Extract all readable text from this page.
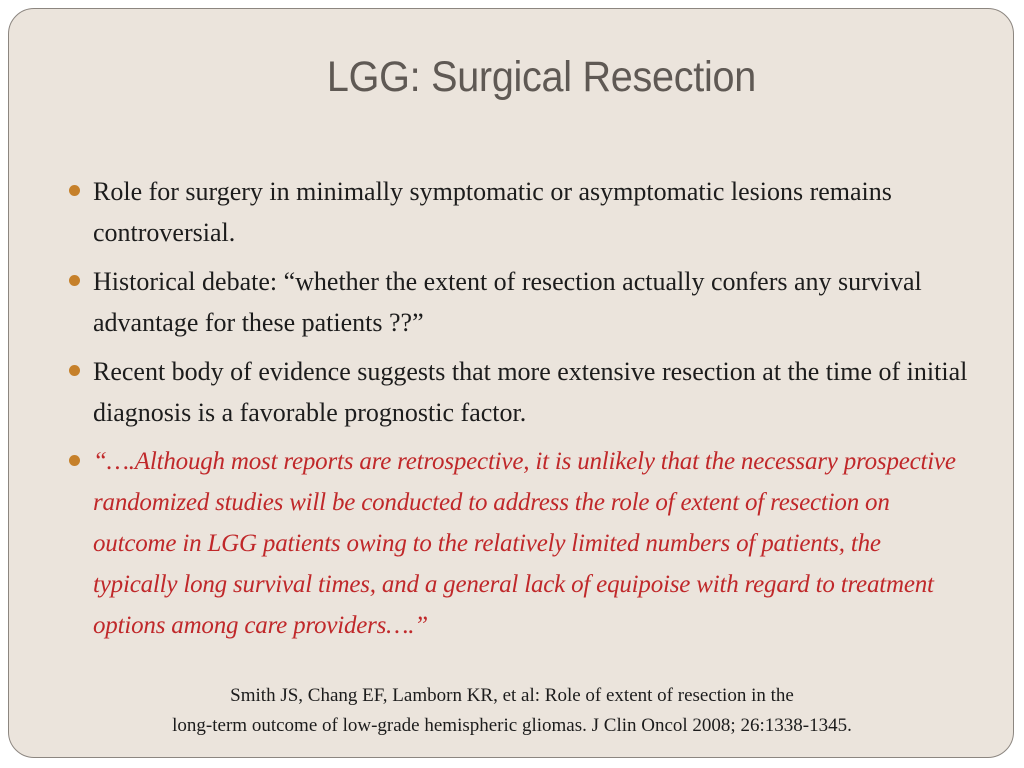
LGG: Surgical Resection
Role for surgery in minimally symptomatic or asymptomatic lesions remains controversial.
Historical debate: “whether the extent of resection actually confers any survival advantage for these patients ??”
Recent body of evidence suggests that more extensive resection at the time of initial diagnosis is a favorable prognostic factor.
“….Although most reports are retrospective, it is unlikely that the necessary prospective randomized studies will be conducted to address the role of extent of resection on outcome in LGG patients owing to the relatively limited numbers of patients, the typically long survival times, and a general lack of equipoise with regard to treatment options among care providers….”
Smith JS, Chang EF, Lamborn KR, et al: Role of extent of resection in the
long-term outcome of low-grade hemispheric gliomas. J Clin Oncol 2008; 26:1338-1345.
